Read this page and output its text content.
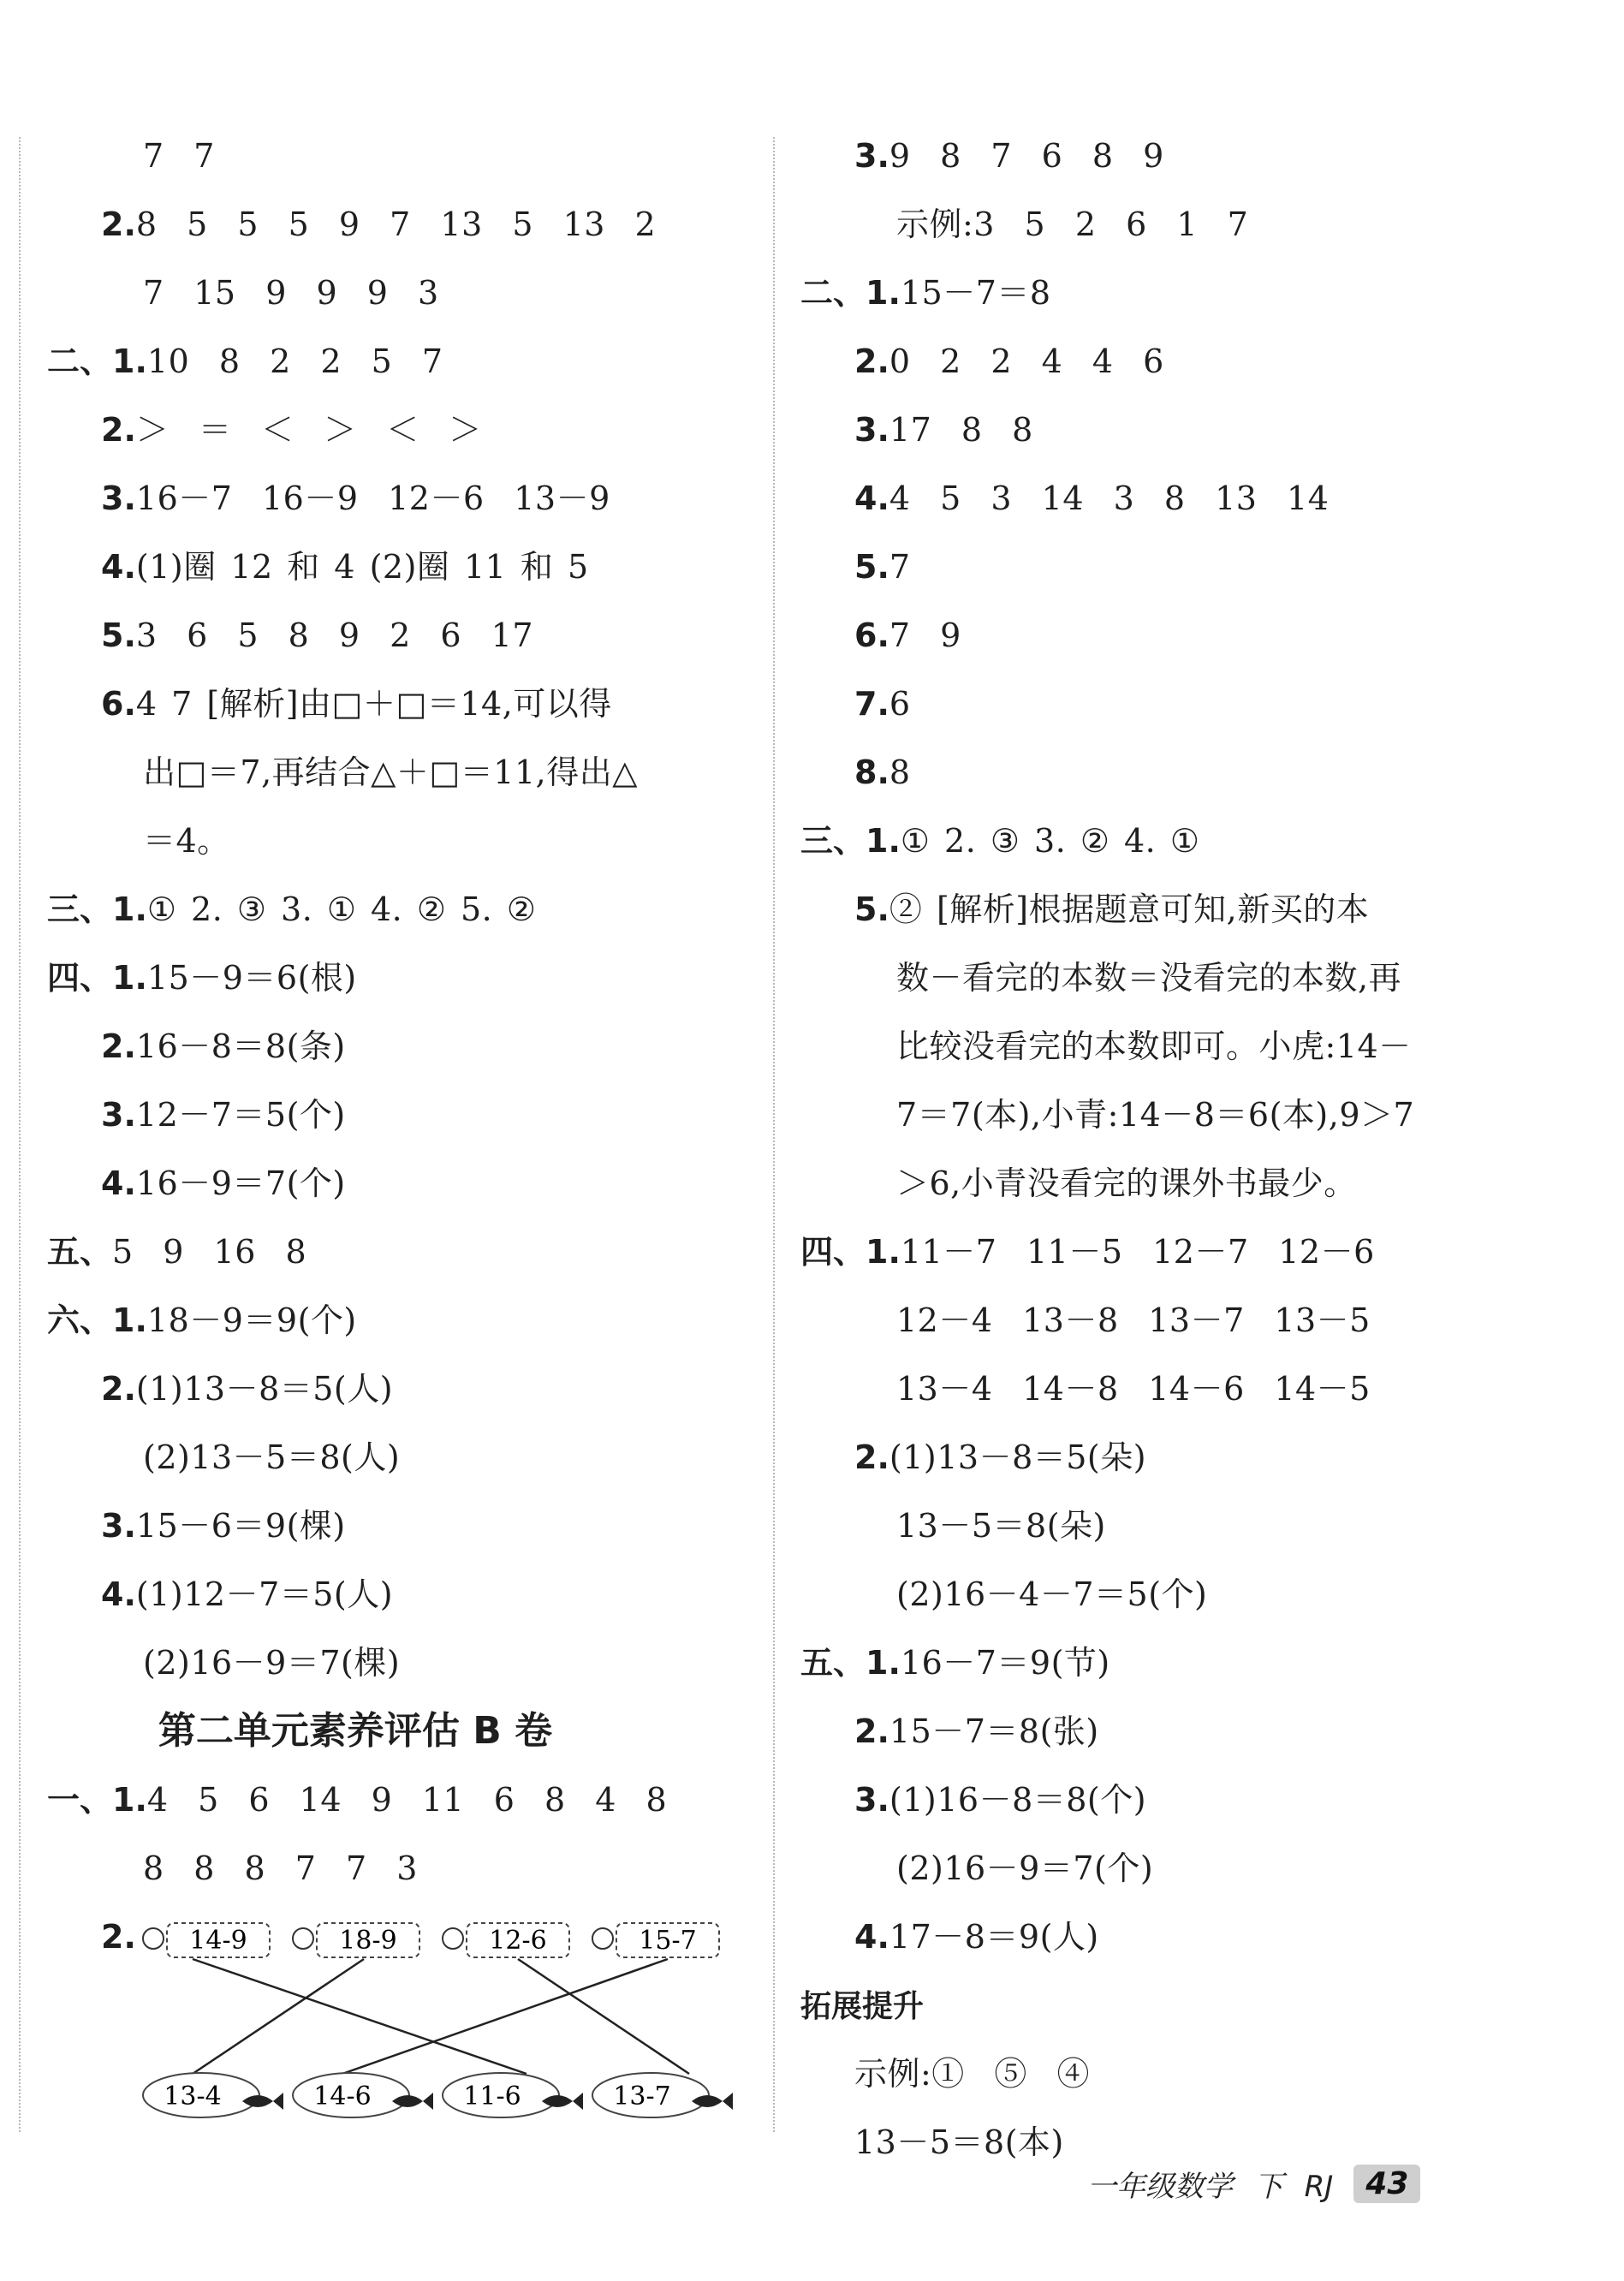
7 7
2.8 5 5 5 9 7 13 5 13 2
7 15 9 9 9 3
二、1.10 8 2 2 5 7
2.＞ ＝ ＜ ＞ ＜ ＞
3.16－7 16－9 12－6 13－9
4.(1)圈 12 和 4 (2)圈 11 和 5
5.3 6 5 8 9 2 6 17
6.4 7 [解析]由□＋□＝14,可以得
出□＝7,再结合△＋□＝11,得出△
＝4。
三、1.① 2. ③ 3. ① 4. ② 5. ②
四、1.15－9＝6(根)
2.16－8＝8(条)
3.12－7＝5(个)
4.16－9＝7(个)
五、5 9 16 8
六、1.18－9＝9(个)
2.(1)13－8＝5(人)
(2)13－5＝8(人)
3.15－6＝9(棵)
4.(1)12－7＝5(人)
(2)16－9＝7(棵)
第二单元素养评估 B 卷
一、1.4 5 6 14 9 11 6 8 4 8
8 8 8 7 7 3
2. 14-9	18-9	12-6	15-7
13-4	14-6	11-6	13-7
3.9 8 7 6 8 9
示例:3 5 2 6 1 7
二、1.15－7＝8
2.0 2 2 4 4 6
3.17 8 8
4.4 5 3 14 3 8 13 14
5.7
6.7 9
7.6
8.8
三、1.① 2. ③ 3. ② 4. ①
5.② [解析]根据题意可知,新买的本
数－看完的本数＝没看完的本数,再
比较没看完的本数即可。小虎:14－
7＝7(本),小青:14－8＝6(本),9＞7
＞6,小青没看完的课外书最少。
四、1.11－7 11－5 12－7 12－6
12－4 13－8 13－7 13－5
13－4 14－8 14－6 14－5
2.(1)13－8＝5(朵)
13－5＝8(朵)
(2)16－4－7＝5(个)
五、1.16－7＝9(节)
2.15－7＝8(张)
3.(1)16－8＝8(个)
(2)16－9＝7(个)
4.17－8＝9(人)
拓展提升
示例:① ⑤ ④
13－5＝8(本)
一年级数学 下 RJ	43
